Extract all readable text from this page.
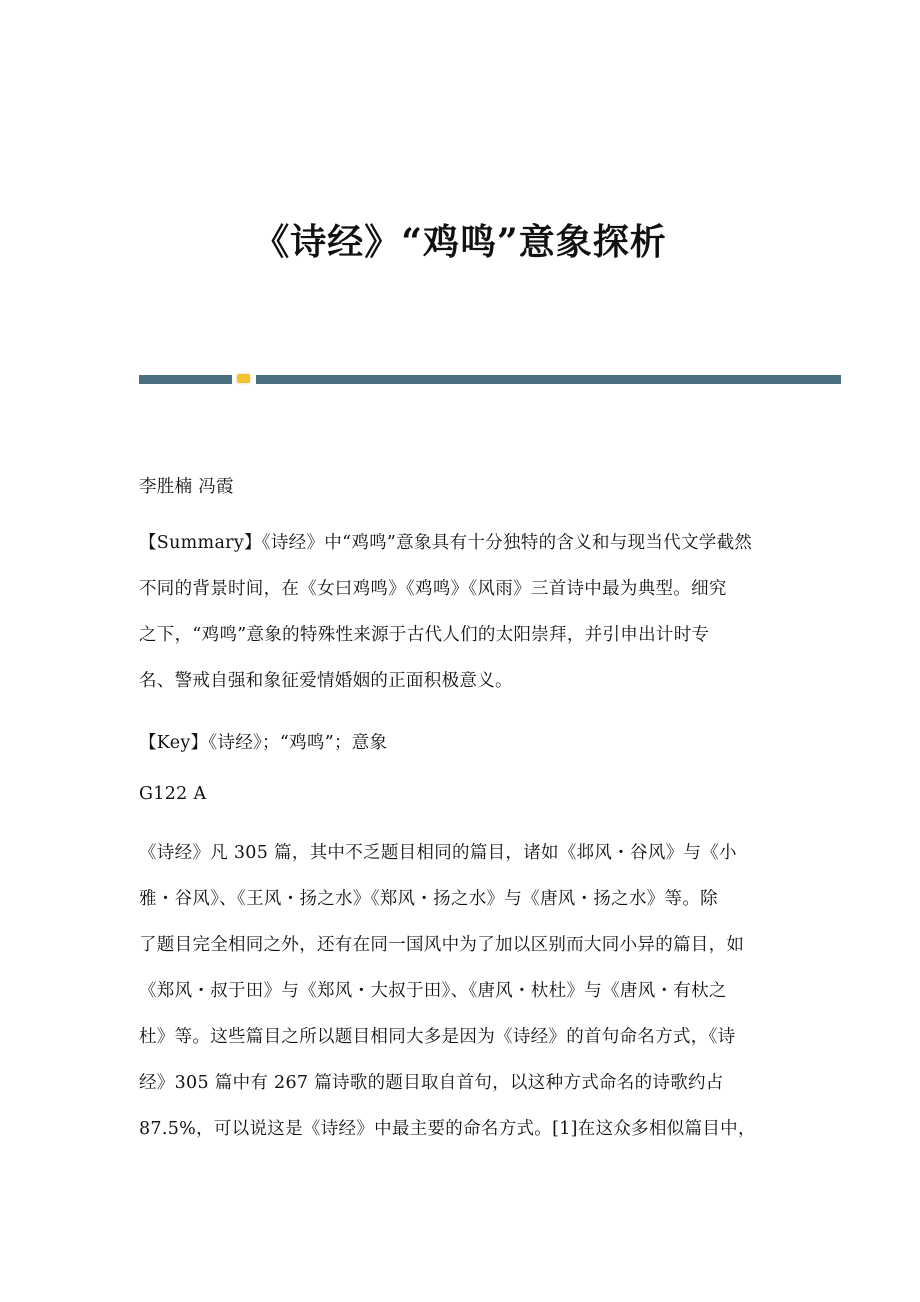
《诗经》“鸡鸣”意象探析
李胜楠 冯霞
【Summary】《诗经》中“鸡鸣”意象具有十分独特的含义和与现当代文学截然
不同的背景时间，在《女曰鸡鸣》《鸡鸣》《风雨》三首诗中最为典型。细究
之下，“鸡鸣”意象的特殊性来源于古代人们的太阳崇拜，并引申出计时专
名、警戒自强和象征爱情婚姻的正面积极意义。
【Key】《诗经》；“鸡鸣”；意象
G122 A
《诗经》凡 305 篇，其中不乏题目相同的篇目，诸如《邶风・谷风》与《小
雅・谷风》、《王风・扬之水》《郑风・扬之水》与《唐风・扬之水》等。除
了题目完全相同之外，还有在同一国风中为了加以区别而大同小异的篇目，如
《郑风・叔于田》与《郑风・大叔于田》、《唐风・杕杜》与《唐风・有杕之
杜》等。这些篇目之所以题目相同大多是因为《诗经》的首句命名方式，《诗
经》305 篇中有 267 篇诗歌的题目取自首句，以这种方式命名的诗歌约占
87.5%，可以说这是《诗经》中最主要的命名方式。[1]在这众多相似篇目中，
